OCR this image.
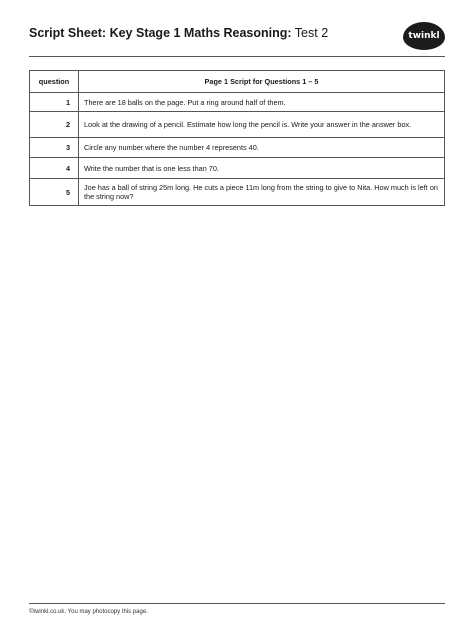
Script Sheet: Key Stage 1 Maths Reasoning: Test 2	twinkl
question	Page 1 Script for Questions 1 – 5
1	There are 18 balls on the page. Put a ring around half of them.
2	Look at the drawing of a pencil. Estimate how long the pencil is. Write your answer in the answer box.
3	Circle any number where the number 4 represents 40.
4	Write the number that is one less than 70.
5	Joe has a ball of string 25m long. He cuts a piece 11m long from the string to give to Nita. How much is left on the string now?
©twinkl.co.uk. You may photocopy this page.
